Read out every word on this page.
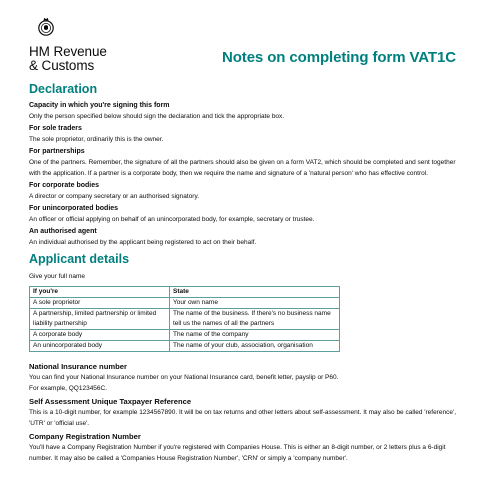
HM Revenue
& Customs	Notes on completing form VAT1C
Declaration

Capacity in which you're signing this form

Only the person specified below should sign the declaration and tick the appropriate box.

For sole traders

The sole proprietor, ordinarily this is the owner.

For partnerships

One of the partners. Remember, the signature of all the partners should also be given on a form VAT2, which should be completed and sent together with the application. If a partner is a corporate body, then we require the name and signature of a 'natural person' who has effective control.

For corporate bodies

A director or company secretary or an authorised signatory.

For unincorporated bodies

An officer or official applying on behalf of an unincorporated body, for example, secretary or trustee.

An authorised agent

An individual authorised by the applicant being registered to act on their behalf.

Applicant details

Give your full name

If you're	State
A sole proprietor	Your own name
A partnership, limited partnership or limited liability partnership	The name of the business. If there's no business name tell us the names of all the partners
A corporate body	The name of the company
An unincorporated body	The name of your club, association, organisation

National Insurance number

You can find your National Insurance number on your National Insurance card, benefit letter, payslip or P60.

For example, QQ123456C.

Self Assessment Unique Taxpayer Reference

This is a 10-digit number, for example 1234567890. It will be on tax returns and other letters about self-assessment. It may also be called 'reference', 'UTR' or 'official use'.

Company Registration Number

You'll have a Company Registration Number if you're registered with Companies House. This is either an 8-digit number, or 2 letters plus a 6-digit number. It may also be called a 'Companies House Registration Number', 'CRN' or simply a 'company number'.
